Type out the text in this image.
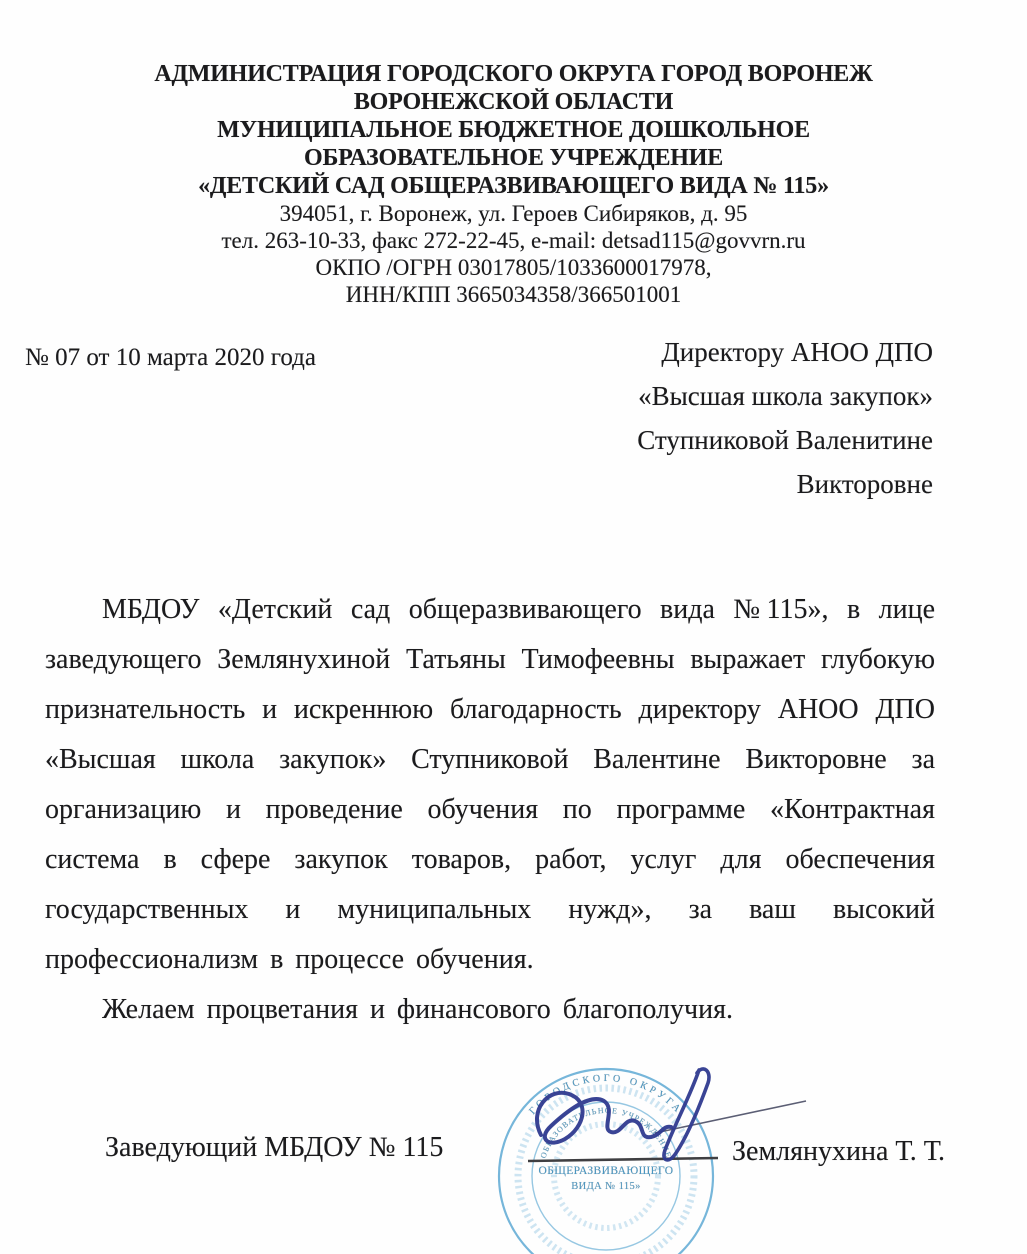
АДМИНИСТРАЦИЯ ГОРОДСКОГО ОКРУГА ГОРОД ВОРОНЕЖ
ВОРОНЕЖСКОЙ ОБЛАСТИ
МУНИЦИПАЛЬНОЕ БЮДЖЕТНОЕ ДОШКОЛЬНОЕ
ОБРАЗОВАТЕЛЬНОЕ УЧРЕЖДЕНИЕ
«ДЕТСКИЙ САД ОБЩЕРАЗВИВАЮЩЕГО ВИДА № 115»
394051, г. Воронеж, ул. Героев Сибиряков, д. 95
тел. 263-10-33, факс 272-22-45, e-mail: detsad115@govvrn.ru
ОКПО /ОГРН 03017805/1033600017978,
ИНН/КПП 3665034358/366501001
№ 07 от 10 марта 2020 года	Директору АНОО ДПО
«Высшая школа закупок»
Ступниковой Валенитине
Викторовне

МБДОУ «Детский сад общеразвивающего вида №115», в лице заведующего Землянухиной Татьяны Тимофеевны выражает глубокую признательность и искреннюю благодарность директору АНОО ДПО «Высшая школа закупок» Ступниковой Валентине Викторовне за организацию и проведение обучения по программе «Контрактная система в сфере закупок товаров, работ, услуг для обеспечения государственных и муниципальных нужд», за ваш высокий профессионализм в процессе обучения.

Желаем процветания и финансового благополучия.

Заведующий МБДОУ № 115	Землянухина Т. Т.
ГОРОДСКОГО ОКРУГА
ОБРАЗОВАТЕЛЬНОЕ УЧРЕЖДЕНИЕ
ОБЩЕРАЗВИВАЮЩЕГО
ВИДА № 115»
